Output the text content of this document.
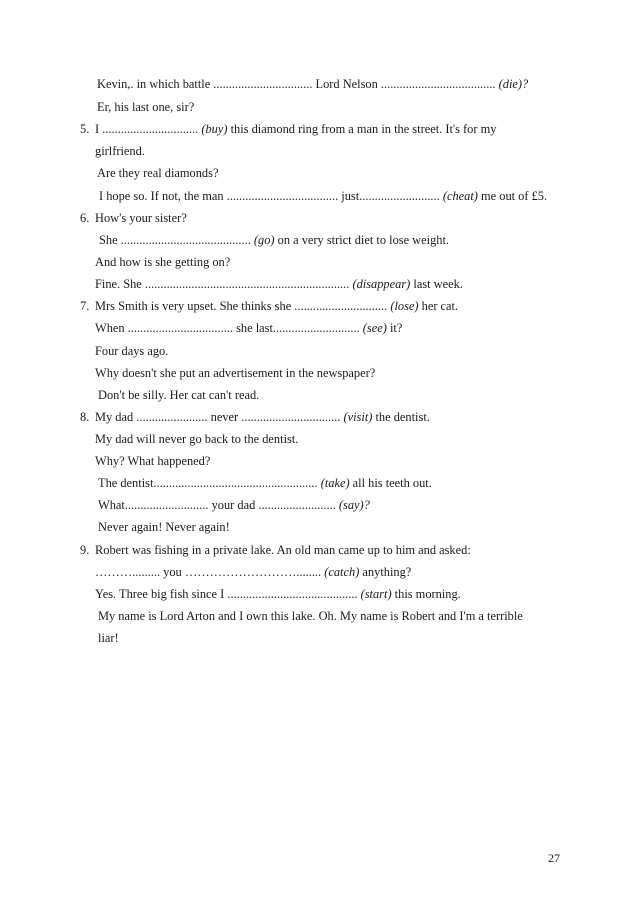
Kevin,. in which battle ................................ Lord Nelson ..................................... (die)?
Er, his last one, sir?
5. I ............................... (buy) this diamond ring from a man in the street. It's for my
girlfriend.
Are they real diamonds?
I hope so. If not, the man .................................... just.......................... (cheat) me out of £5.
6. How's your sister?
She .......................................... (go) on a very strict diet to lose weight.
And how is she getting on?
Fine. She .................................................................. (disappear) last week.
7. Mrs Smith is very upset. She thinks she .............................. (lose) her cat.
When .................................. she last............................ (see) it?
Four days ago.
Why doesn't she put an advertisement in the newspaper?
Don't be silly. Her cat can't read.
8. My dad ....................... never ................................ (visit) the dentist.
My dad will never go back to the dentist.
Why? What happened?
The dentist..................................................... (take) all his teeth out.
What........................... your dad ......................... (say)?
Never again! Never again!
9. Robert was fishing in a private lake. An old man came up to him and asked:
………......... you ………………………........ (catch) anything?
Yes. Three big fish since I .......................................... (start) this morning.
My name is Lord Arton and I own this lake. Oh. My name is Robert and I'm a terrible
liar!
27
